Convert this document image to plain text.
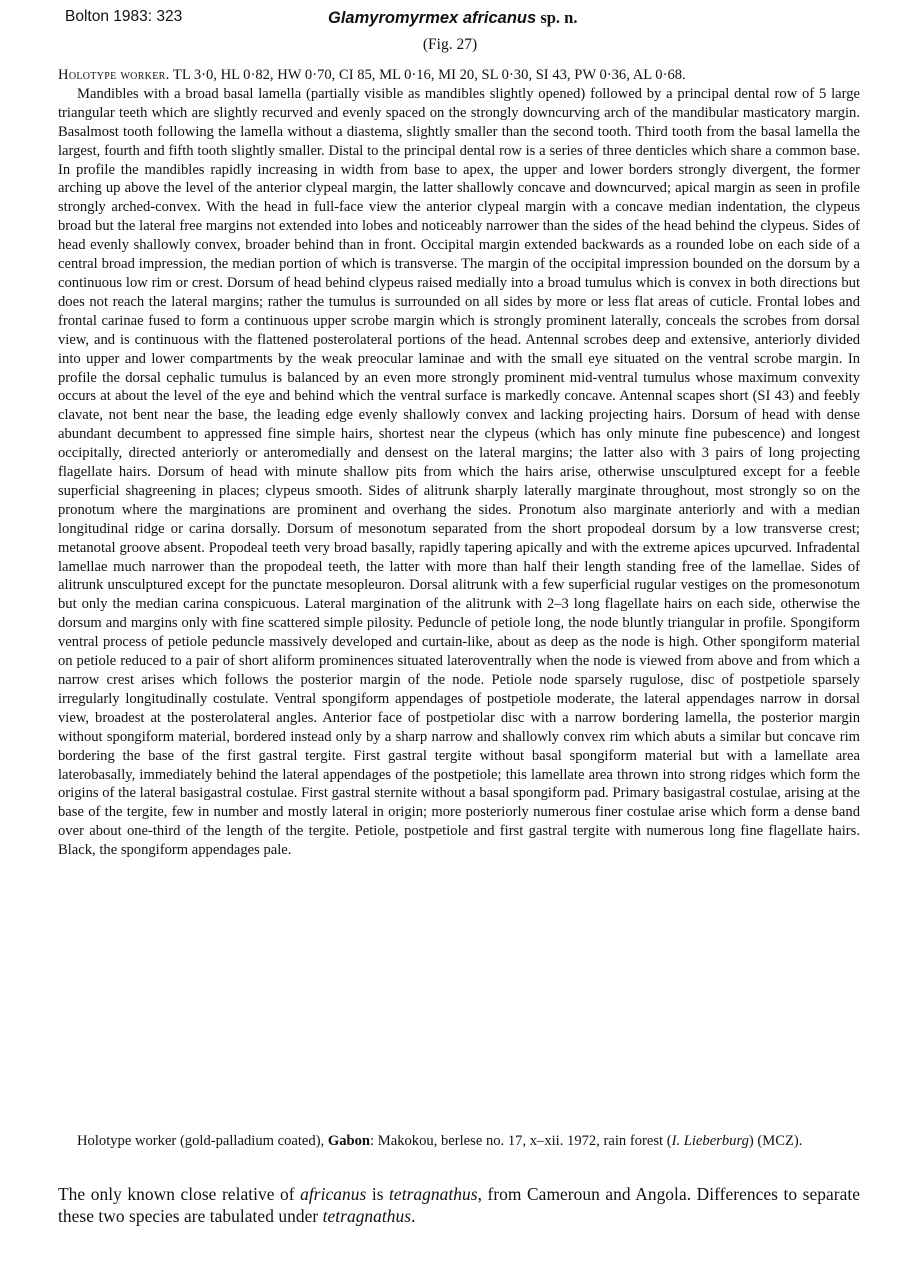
Bolton 1983: 323	Glamyromyrmex africanus sp. n.
(Fig. 27)

Holotype worker. TL 3·0, HL 0·82, HW 0·70, CI 85, ML 0·16, MI 20, SL 0·30, SI 43, PW 0·36, AL 0·68.

Mandibles with a broad basal lamella (partially visible as mandibles slightly opened) followed by a principal dental row of 5 large triangular teeth which are slightly recurved and evenly spaced on the strongly downcurving arch of the mandibular masticatory margin. Basalmost tooth following the lamella without a diastema, slightly smaller than the second tooth. Third tooth from the basal lamella the largest, fourth and fifth tooth slightly smaller. Distal to the principal dental row is a series of three denticles which share a common base. In profile the mandibles rapidly increasing in width from base to apex, the upper and lower borders strongly divergent, the former arching up above the level of the anterior clypeal margin, the latter shallowly concave and downcurved; apical margin as seen in profile strongly arched-convex. With the head in full-face view the anterior clypeal margin with a concave median indentation, the clypeus broad but the lateral free margins not extended into lobes and noticeably narrower than the sides of the head behind the clypeus. Sides of head evenly shallowly convex, broader behind than in front. Occipital margin extended backwards as a rounded lobe on each side of a central broad impression, the median portion of which is transverse. The margin of the occipital impression bounded on the dorsum by a continuous low rim or crest. Dorsum of head behind clypeus raised medially into a broad tumulus which is convex in both directions but does not reach the lateral margins; rather the tumulus is surrounded on all sides by more or less flat areas of cuticle. Frontal lobes and frontal carinae fused to form a continuous upper scrobe margin which is strongly prominent laterally, conceals the scrobes from dorsal view, and is continuous with the flattened posterolateral portions of the head. Antennal scrobes deep and extensive, anteriorly divided into upper and lower compartments by the weak preocular laminae and with the small eye situated on the ventral scrobe margin. In profile the dorsal cephalic tumulus is balanced by an even more strongly prominent mid-ventral tumulus whose maximum convexity occurs at about the level of the eye and behind which the ventral surface is markedly concave. Antennal scapes short (SI 43) and feebly clavate, not bent near the base, the leading edge evenly shallowly convex and lacking projecting hairs. Dorsum of head with dense abundant decumbent to appressed fine simple hairs, shortest near the clypeus (which has only minute fine pubescence) and longest occipitally, directed anteriorly or anteromedially and densest on the lateral margins; the latter also with 3 pairs of long projecting flagellate hairs. Dorsum of head with minute shallow pits from which the hairs arise, otherwise unsculptured except for a feeble superficial shagreening in places; clypeus smooth. Sides of alitrunk sharply laterally marginate throughout, most strongly so on the pronotum where the marginations are prominent and overhang the sides. Pronotum also marginate anteriorly and with a median longitudinal ridge or carina dorsally. Dorsum of mesonotum separated from the short propodeal dorsum by a low transverse crest; metanotal groove absent. Propodeal teeth very broad basally, rapidly tapering apically and with the extreme apices upcurved. Infradental lamellae much narrower than the propodeal teeth, the latter with more than half their length standing free of the lamellae. Sides of alitrunk unsculptured except for the punctate mesopleuron. Dorsal alitrunk with a few superficial rugular vestiges on the promesonotum but only the median carina conspicuous. Lateral margination of the alitrunk with 2–3 long flagellate hairs on each side, otherwise the dorsum and margins only with fine scattered simple pilosity. Peduncle of petiole long, the node bluntly triangular in profile. Spongiform ventral process of petiole peduncle massively developed and curtain-like, about as deep as the node is high. Other spongiform material on petiole reduced to a pair of short aliform prominences situated lateroventrally when the node is viewed from above and from which a narrow crest arises which follows the posterior margin of the node. Petiole node sparsely rugulose, disc of postpetiole sparsely irregularly longitudinally costulate. Ventral spongiform appendages of postpetiole moderate, the lateral appendages narrow in dorsal view, broadest at the posterolateral angles. Anterior face of postpetiolar disc with a narrow bordering lamella, the posterior margin without spongiform material, bordered instead only by a sharp narrow and shallowly convex rim which abuts a similar but concave rim bordering the base of the first gastral tergite. First gastral tergite without basal spongiform material but with a lamellate area laterobasally, immediately behind the lateral appendages of the postpetiole; this lamellate area thrown into strong ridges which form the origins of the lateral basigastral costulae. First gastral sternite without a basal spongiform pad. Primary basigastral costulae, arising at the base of the tergite, few in number and mostly lateral in origin; more posteriorly numerous finer costulae arise which form a dense band over about one-third of the length of the tergite. Petiole, postpetiole and first gastral tergite with numerous long fine flagellate hairs. Black, the spongiform appendages pale.

Holotype worker (gold-palladium coated), Gabon: Makokou, berlese no. 17, x–xii. 1972, rain forest (I. Lieberburg) (MCZ).
The only known close relative of africanus is tetragnathus, from Cameroun and Angola. Differences to separate these two species are tabulated under tetragnathus.
